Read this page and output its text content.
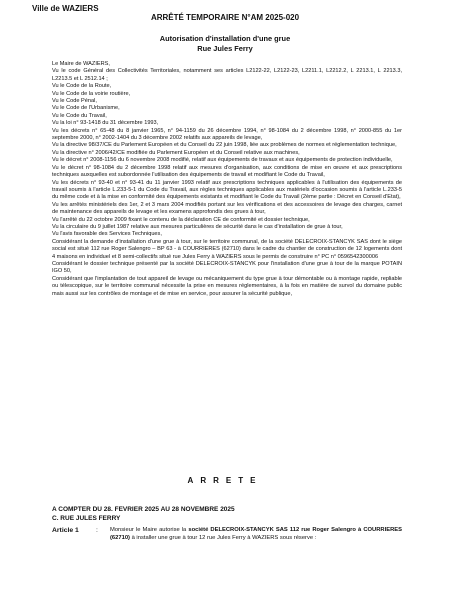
Ville de WAZIERS
ARRÊTÉ TEMPORAIRE N°AM 2025-020
Autorisation d'installation d'une grue
Rue Jules Ferry

Le Maire de WAZIERS,

Vu le code Général des Collectivités Territoriales, notamment ses articles L2122-22, L2122-23, L2211.1, L2212.2, L 2213.1, L 2213.3, L2213.5 et L 2512.14 ;

Vu le Code de la Route,

Vu le Code de la voirie routière,

Vu le Code Pénal,

Vu le Code de l'Urbanisme,

Vu le Code du Travail,

Vu la loi n° 93-1418 du 31 décembre 1993,

Vu les décrets n° 65-48 du 8 janvier 1965, n° 94-1159 du 26 décembre 1994, n° 98-1084 du 2 décembre 1998, n° 2000-855 du 1er septembre 2000, n° 2002-1404 du 3 décembre 2002 relatifs aux appareils de levage,

Vu la directive 98/37/CE du Parlement Européen et du Conseil du 22 juin 1998, liée aux problèmes de normes et réglementation technique,

Vu la directive n° 2006/42/CE modifiée du Parlement Européen et du Conseil relative aux machines,

Vu le décret n° 2008-1156 du 6 novembre 2008 modifié, relatif aux équipements de travaux et aux équipements de protection individuelle,

Vu le décret n° 98-1084 du 2 décembre 1998 relatif aux mesures d'organisation, aux conditions de mise en œuvre et aux prescriptions techniques auxquelles est subordonnée l'utilisation des équipements de travail et modifiant le Code du Travail,

Vu les décrets n° 93-40 et n° 93-41 du 11 janvier 1993 relatif aux prescriptions techniques applicables à l'utilisation des équipements de travail soumis à l'article L.233-5-1 du Code du Travail, aux règles techniques applicables aux matériels d'occasion soumis à l'article L.233-5 du même code et à la mise en conformité des équipements existants et modifiant le Code du Travail (2ème partie : Décret en Conseil d'Etat),

Vu les arrêtés ministériels des 1er, 2 et 3 mars 2004 modifiés portant sur les vérifications et des accessoires de levage des charges, carnet de maintenance des appareils de levage et les examens approfondis des grues à tour,

Vu l'arrêté du 22 octobre 2009 fixant le contenu de la déclaration CE de conformité et dossier technique,

Vu la circulaire du 9 juillet 1987 relative aux mesures particulières de sécurité dans le cas d'installation de grue à tour,

Vu l'avis favorable des Services Techniques,

Considérant la demande d'installation d'une grue à tour, sur le territoire communal, de la société DELECROIX-STANCYK SAS dont le siège social est situé 112 rue Roger Salengro – BP 63 - à COURRIERES (62710) dans le cadre du chantier de construction de 12 logements dont 4 maisons en individuel et 8 semi-collectifs situé rue Jules Ferry à WAZIERS sous le permis de construire n° PC n° 0596542300006

Considérant le dossier technique présenté par la société DELECROIX-STANCYK pour l'installation d'une grue à tour de la marque POTAIN IGO 50,

Considérant que l'implantation de tout appareil de levage ou mécaniquement du type grue à tour démontable ou à montage rapide, repliable ou télescopique, sur le territoire communal nécessite la prise en mesures réglementaires, à la fois en matière de survol du domaine public mais aussi sur les contrôles de montage et de mise en service, pour assurer la sécurité publique,

ARRETE
A COMPTER DU 28. FEVRIER 2025 AU 28 NOVEMBRE 2025
C. RUE JULES FERRY
Article 1	: Monsieur le Maire autorise la société DELECROIX-STANCYK SAS 112 rue Roger Salengro à COURRIERES (62710) à installer une grue à tour 12 rue Jules Ferry à WAZIERS sous réserve :
